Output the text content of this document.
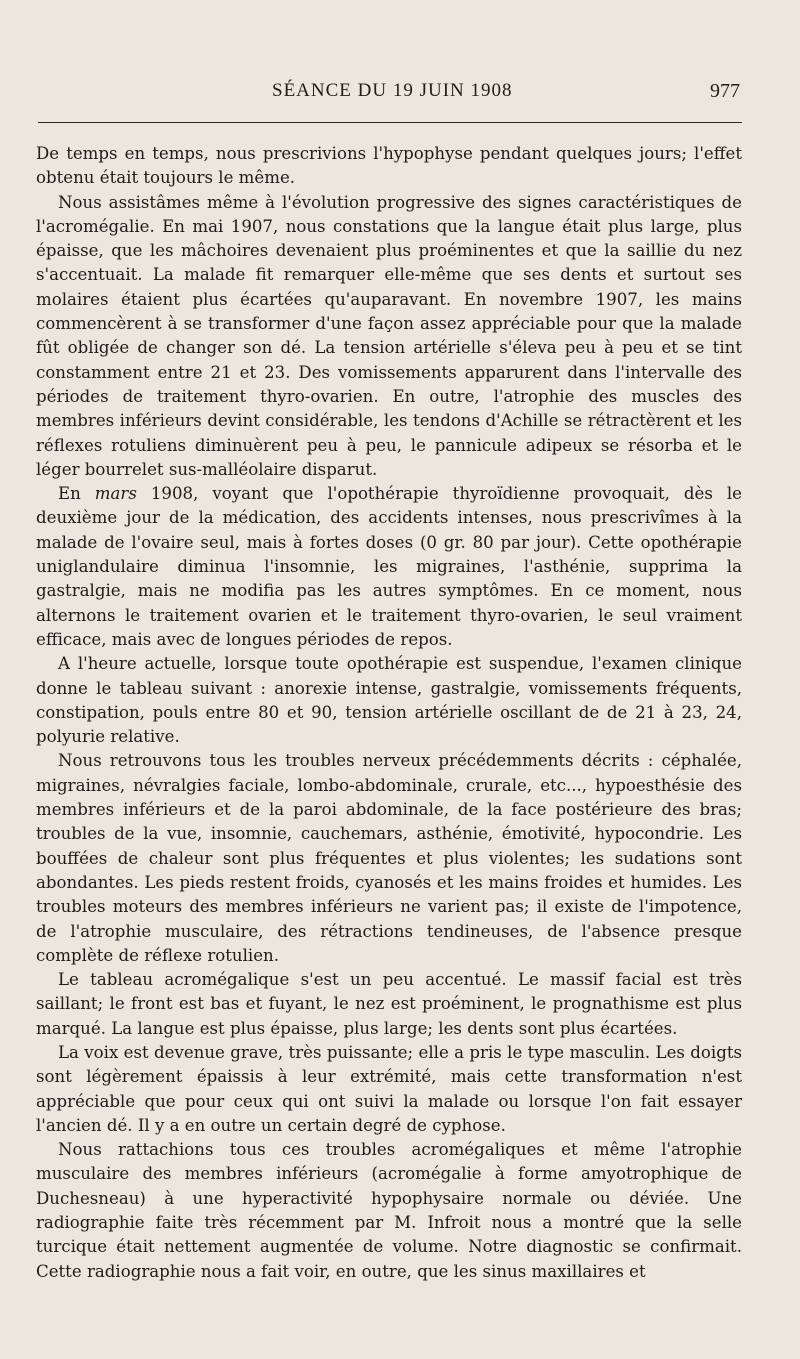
SÉANCE DU 19 JUIN 1908	977

De temps en temps, nous prescrivions l'hypophyse pendant quelques jours; l'effet obtenu était toujours le même.

Nous assistâmes même à l'évolution progressive des signes caractéristiques de l'acromégalie. En mai 1907, nous constations que la langue était plus large, plus épaisse, que les mâchoires devenaient plus proéminentes et que la saillie du nez s'accentuait. La malade fit remarquer elle-même que ses dents et surtout ses molaires étaient plus écartées qu'auparavant. En novembre 1907, les mains commencèrent à se transformer d'une façon assez appréciable pour que la malade fût obligée de changer son dé. La tension artérielle s'éleva peu à peu et se tint constamment entre 21 et 23. Des vomissements apparurent dans l'intervalle des périodes de traitement thyro-ovarien. En outre, l'atrophie des muscles des membres inférieurs devint considérable, les tendons d'Achille se rétractèrent et les réflexes rotuliens diminuèrent peu à peu, le pannicule adipeux se résorba et le léger bourrelet sus-malléolaire disparut.

En mars 1908, voyant que l'opothérapie thyroïdienne provoquait, dès le deuxième jour de la médication, des accidents intenses, nous prescrivîmes à la malade de l'ovaire seul, mais à fortes doses (0 gr. 80 par jour). Cette opothérapie uniglandulaire diminua l'insomnie, les migraines, l'asthénie, supprima la gastralgie, mais ne modifia pas les autres symptômes. En ce moment, nous alternons le traitement ovarien et le traitement thyro-ovarien, le seul vraiment efficace, mais avec de longues périodes de repos.

A l'heure actuelle, lorsque toute opothérapie est suspendue, l'examen clinique donne le tableau suivant : anorexie intense, gastralgie, vomissements fréquents, constipation, pouls entre 80 et 90, tension artérielle oscillant de de 21 à 23, 24, polyurie relative.

Nous retrouvons tous les troubles nerveux précédemments décrits : céphalée, migraines, névralgies faciale, lombo-abdominale, crurale, etc..., hypoesthésie des membres inférieurs et de la paroi abdominale, de la face postérieure des bras; troubles de la vue, insomnie, cauchemars, asthénie, émotivité, hypocondrie. Les bouffées de chaleur sont plus fréquentes et plus violentes; les sudations sont abondantes. Les pieds restent froids, cyanosés et les mains froides et humides. Les troubles moteurs des membres inférieurs ne varient pas; il existe de l'impotence, de l'atrophie musculaire, des rétractions tendineuses, de l'absence presque complète de réflexe rotulien.

Le tableau acromégalique s'est un peu accentué. Le massif facial est très saillant; le front est bas et fuyant, le nez est proéminent, le prognathisme est plus marqué. La langue est plus épaisse, plus large; les dents sont plus écartées.

La voix est devenue grave, très puissante; elle a pris le type masculin. Les doigts sont légèrement épaissis à leur extrémité, mais cette transformation n'est appréciable que pour ceux qui ont suivi la malade ou lorsque l'on fait essayer l'ancien dé. Il y a en outre un certain degré de cyphose.

Nous rattachions tous ces troubles acromégaliques et même l'atrophie musculaire des membres inférieurs (acromégalie à forme amyotrophique de Duchesneau) à une hyperactivité hypophysaire normale ou déviée. Une radiographie faite très récemment par M. Infroit nous a montré que la selle turcique était nettement augmentée de volume. Notre diagnostic se confirmait. Cette radiographie nous a fait voir, en outre, que les sinus maxillaires et
